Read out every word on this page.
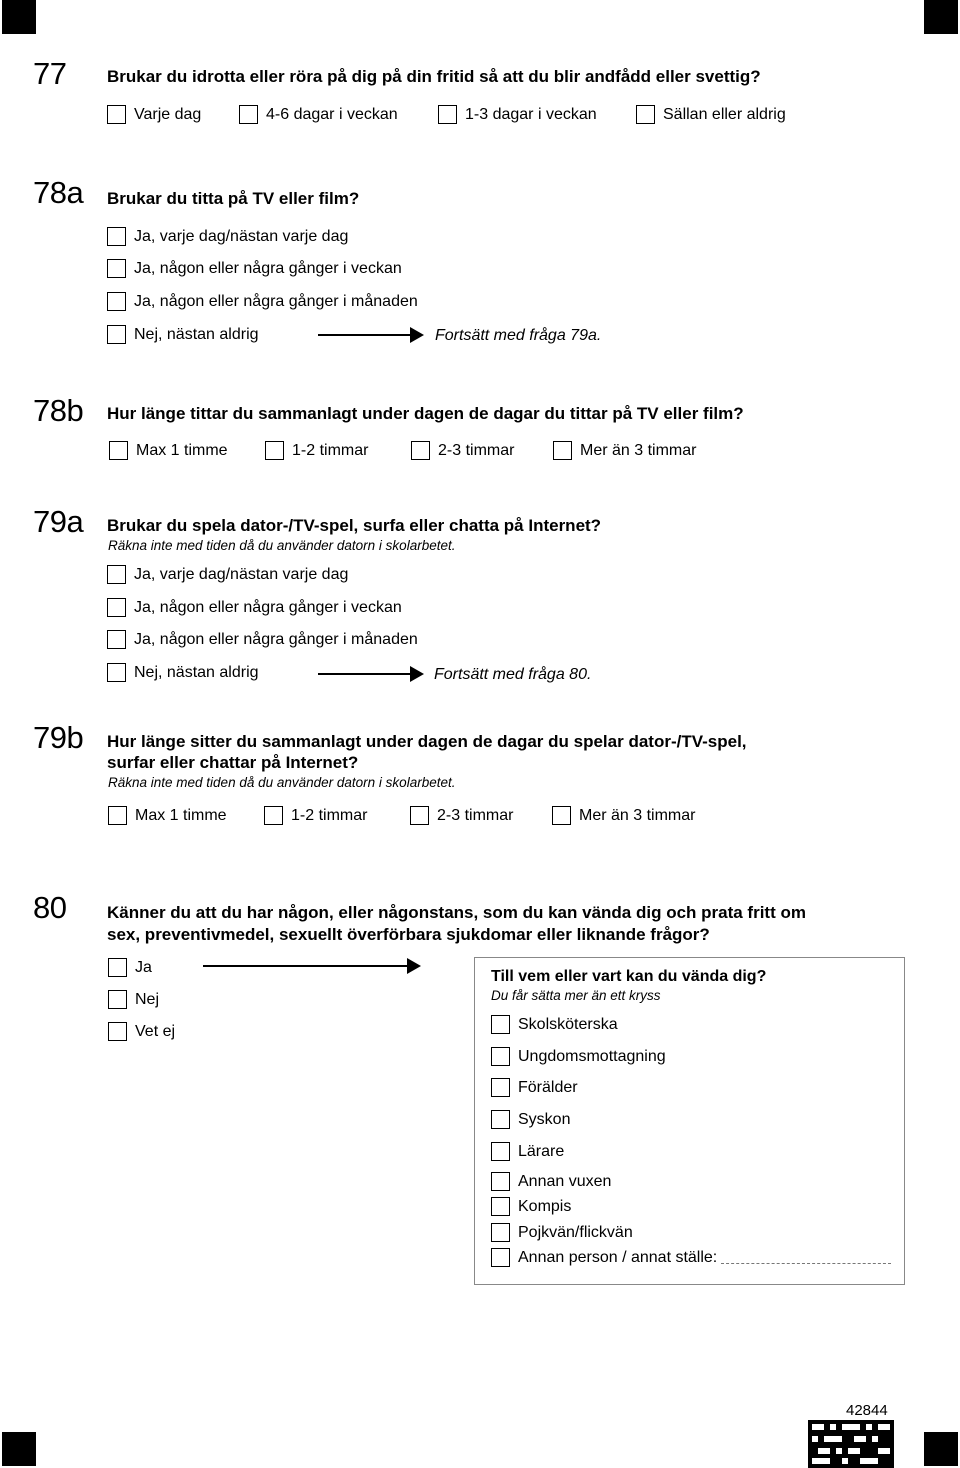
77 Brukar du idrotta eller röra på dig på din fritid så att du blir andfådd eller svettig?
Varje dag	4-6 dagar i veckan	1-3 dagar i veckan	Sällan eller aldrig
78a Brukar du titta på TV eller film?
Ja, varje dag/nästan varje dag
Ja, någon eller några gånger i veckan
Ja, någon eller några gånger i månaden
Nej, nästan aldrig	Fortsätt med fråga 79a.
78b Hur länge tittar du sammanlagt under dagen de dagar du tittar på TV eller film?
Max 1 timme	1-2 timmar	2-3 timmar	Mer än 3 timmar
79a Brukar du spela dator-/TV-spel, surfa eller chatta på Internet?
Räkna inte med tiden då du använder datorn i skolarbetet.
Ja, varje dag/nästan varje dag
Ja, någon eller några gånger i veckan
Ja, någon eller några gånger i månaden
Nej, nästan aldrig	Fortsätt med fråga 80.
79b Hur länge sitter du sammanlagt under dagen de dagar du spelar dator-/TV-spel,
surfar eller chattar på Internet?
Räkna inte med tiden då du använder datorn i skolarbetet.
Max 1 timme	1-2 timmar	2-3 timmar	Mer än 3 timmar
80 Känner du att du har någon, eller någonstans, som du kan vända dig och prata fritt om
sex, preventivmedel, sexuellt överförbara sjukdomar eller liknande frågor?
Ja
Nej
Vet ej
Till vem eller vart kan du vända dig?
Du får sätta mer än ett kryss
Skolsköterska
Ungdomsmottagning
Förälder
Syskon
Lärare
Annan vuxen
Kompis
Pojkvän/flickvän
Annan person / annat ställe:
42844
